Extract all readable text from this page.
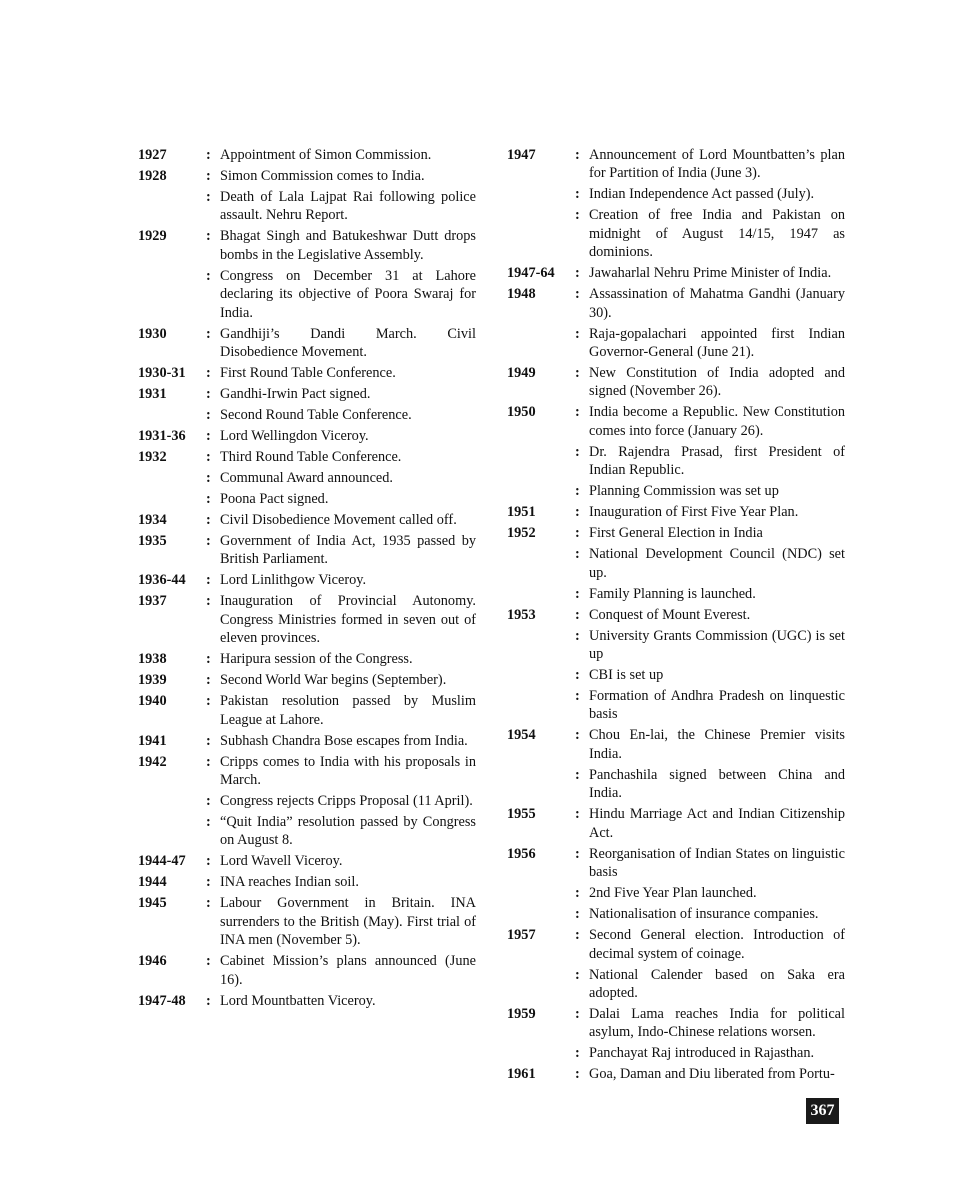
1927	: Appointment of Simon Commission.
1928	: Simon Commission comes to India.
: Death of Lala Lajpat Rai following police assault. Nehru Report.
1929	: Bhagat Singh and Batukeshwar Dutt drops bombs in the Legislative Assembly.
: Congress on December 31 at Lahore declaring its objective of Poora Swaraj for India.
1930	: Gandhiji’s Dandi March. Civil Disobedience Movement.
1930-31	: First Round Table Conference.
1931	: Gandhi-Irwin Pact signed.
: Second Round Table Conference.
1931-36	: Lord Wellingdon Viceroy.
1932	: Third Round Table Conference.
: Communal Award announced.
: Poona Pact signed.
1934	: Civil Disobedience Movement called off.
1935	: Government of India Act, 1935 passed by British Parliament.
1936-44	: Lord Linlithgow Viceroy.
1937	: Inauguration of Provincial Autonomy. Congress Ministries formed in seven out of eleven provinces.
1938	: Haripura session of the Congress.
1939	: Second World War begins (September).
1940	: Pakistan resolution passed by Muslim League at Lahore.
1941	: Subhash Chandra Bose escapes from India.
1942	: Cripps comes to India with his proposals in March.
: Congress rejects Cripps Proposal (11 April).
: “Quit India” resolution passed by Congress on August 8.
1944-47	: Lord Wavell Viceroy.
1944	: INA reaches Indian soil.
1945	: Labour Government in Britain. INA surrenders to the British (May). First trial of INA men (November 5).
1946	: Cabinet Mission’s plans announced (June 16).
1947-48	: Lord Mountbatten Viceroy.
1947	: Announcement of Lord Mountbatten’s plan for Partition of India (June 3).
: Indian Independence Act passed (July).
: Creation of free India and Pakistan on midnight of August 14/15, 1947 as dominions.
1947-64	: Jawaharlal Nehru Prime Minister of India.
1948	: Assassination of Mahatma Gandhi (January 30).
: Raja-gopalachari appointed first Indian Governor-General (June 21).
1949	: New Constitution of India adopted and signed (November 26).
1950	: India become a Republic. New Constitution comes into force (January 26).
: Dr. Rajendra Prasad, first President of Indian Republic.
: Planning Commission was set up
1951	: Inauguration of First Five Year Plan.
1952	: First General Election in India
: National Development Council (NDC) set up.
: Family Planning is launched.
1953	: Conquest of Mount Everest.
: University Grants Commission (UGC) is set up
: CBI is set up
: Formation of Andhra Pradesh on linquestic basis
1954	: Chou En-lai, the Chinese Premier visits India.
: Panchashila signed between China and India.
1955	: Hindu Marriage Act and Indian Citizenship Act.
1956	: Reorganisation of Indian States on linguistic basis
: 2nd Five Year Plan launched.
: Nationalisation of insurance companies.
1957	: Second General election. Introduction of decimal system of coinage.
: National Calender based on Saka era adopted.
1959	: Dalai Lama reaches India for political asylum, Indo-Chinese relations worsen.
: Panchayat Raj introduced in Rajasthan.
1961	: Goa, Daman and Diu liberated from Portu-
367
